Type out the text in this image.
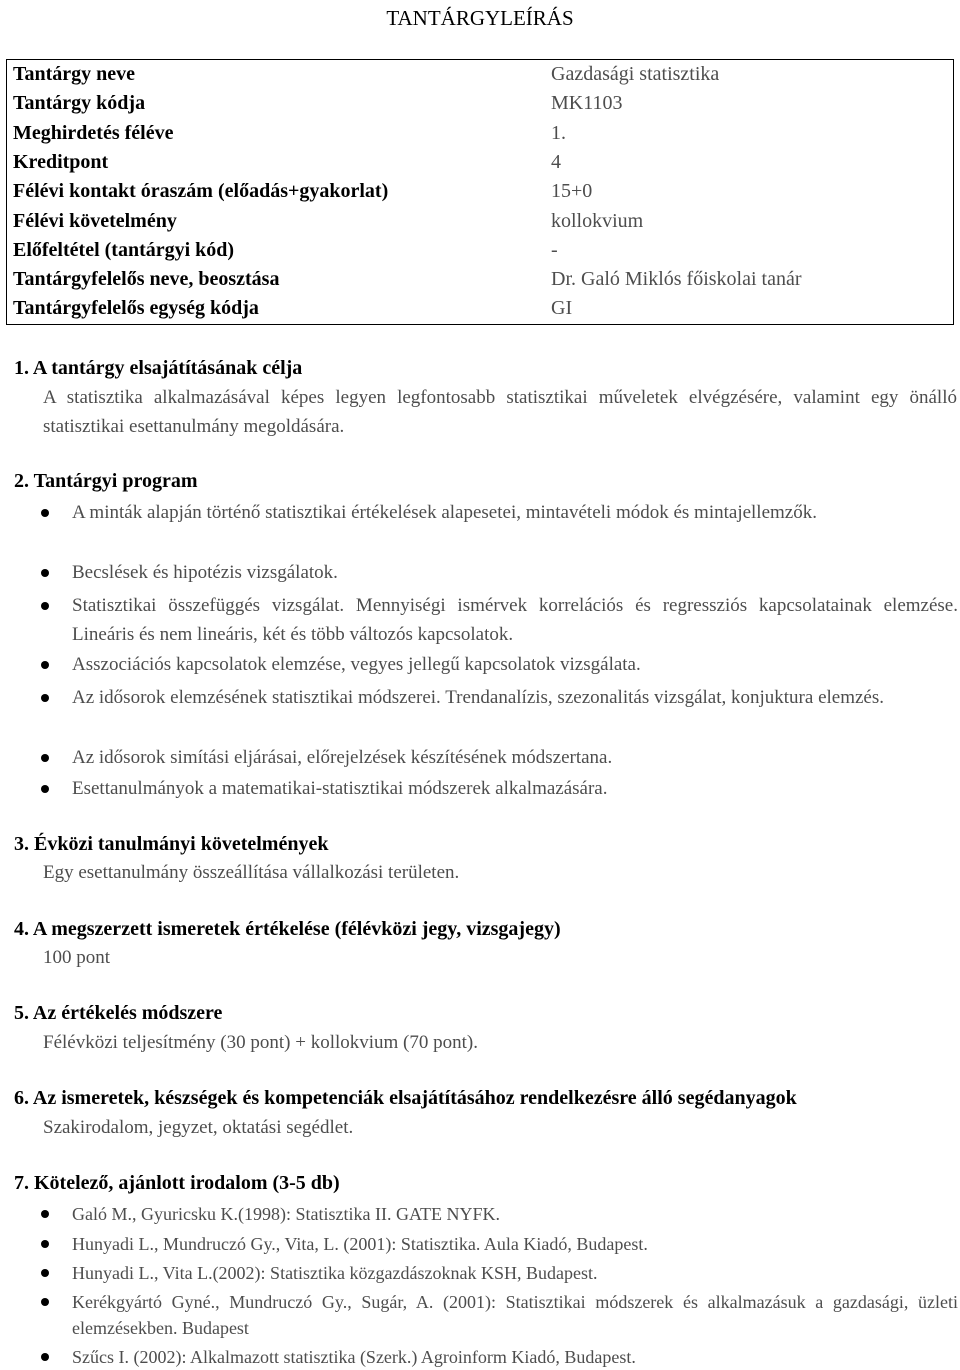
TANTÁRGYLEÍRÁS
Tantárgy neve	Gazdasági statisztika
Tantárgy kódja	MK1103
Meghirdetés féléve	1.
Kreditpont	4
Félévi kontakt óraszám (előadás+gyakorlat)	15+0
Félévi követelmény	kollokvium
Előfeltétel (tantárgyi kód)	-
Tantárgyfelelős neve, beosztása	Dr. Galó Miklós főiskolai tanár
Tantárgyfelelős egység kódja	GI
1. A tantárgy elsajátításának célja

A statisztika alkalmazásával képes legyen legfontosabb statisztikai műveletek elvégzésére, valamint egy önálló statisztikai esettanulmány megoldására.

2. Tantárgyi program
A minták alapján történő statisztikai értékelések alapesetei, mintavételi módok és mintajellemzők.
Becslések és hipotézis vizsgálatok.
Statisztikai összefüggés vizsgálat. Mennyiségi ismérvek korrelációs és regressziós kapcsolatainak elemzése. Lineáris és nem lineáris, két és több változós kapcsolatok.
Asszociációs kapcsolatok elemzése, vegyes jellegű kapcsolatok vizsgálata.
Az idősorok elemzésének statisztikai módszerei. Trendanalízis, szezonalitás vizsgálat, konjuktura elemzés.
Az idősorok simítási eljárásai, előrejelzések készítésének módszertana.
Esettanulmányok a matematikai-statisztikai módszerek alkalmazására.
3. Évközi tanulmányi követelmények

Egy esettanulmány összeállítása vállalkozási területen.

4. A megszerzett ismeretek értékelése (félévközi jegy, vizsgajegy)

100 pont

5. Az értékelés módszere

Félévközi teljesítmény (30 pont) + kollokvium (70 pont).

6. Az ismeretek, készségek és kompetenciák elsajátításához rendelkezésre álló segédanyagok

Szakirodalom, jegyzet, oktatási segédlet.

7. Kötelező, ajánlott irodalom (3-5 db)
Galó M., Gyuricsku K.(1998): Statisztika II. GATE NYFK.
Hunyadi L., Mundruczó Gy., Vita, L. (2001): Statisztika. Aula Kiadó, Budapest.
Hunyadi L., Vita L.(2002): Statisztika közgazdászoknak KSH, Budapest.
Kerékgyártó Gyné., Mundruczó Gy., Sugár, A. (2001): Statisztikai módszerek és alkalmazásuk a gazdasági, üzleti elemzésekben. Budapest
Szűcs I. (2002): Alkalmazott statisztika (Szerk.) Agroinform Kiadó, Budapest.
